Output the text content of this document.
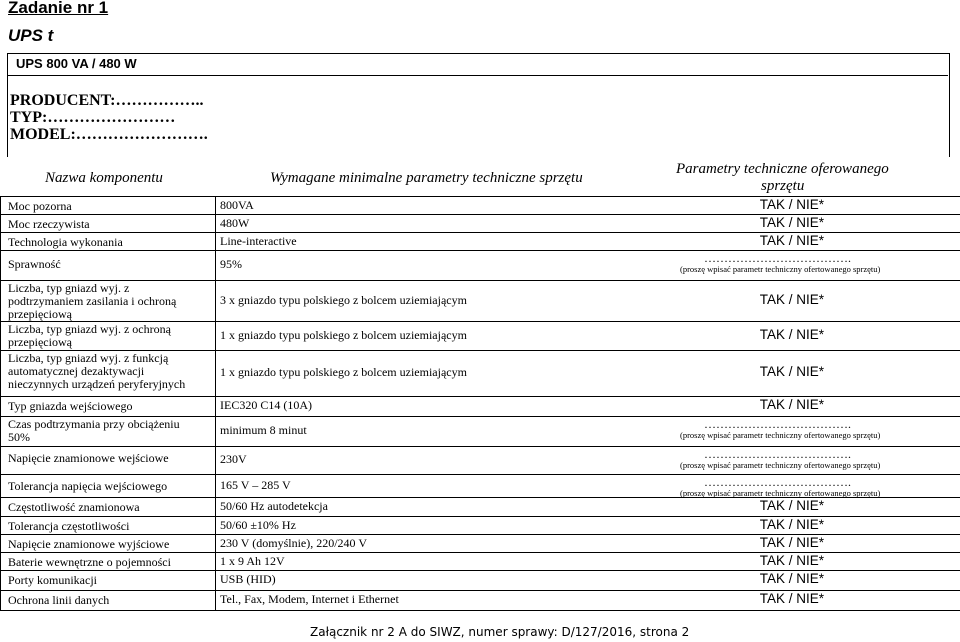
Zadanie nr 1
UPS t
UPS 800 VA / 480 W
PRODUCENT:……………..
TYP:……………………
MODEL:…………………….
Nazwa komponentu	Wymagane minimalne parametry techniczne sprzętu
Parametry techniczne oferowanego
sprzętu
Moc pozorna	800VA	TAK / NIE*
Moc rzeczywista	480W	TAK / NIE*
Technologia wykonania	Line-interactive	TAK / NIE*
Sprawność	95%	……………………………….
(proszę wpisać parametr techniczny ofertowanego sprzętu)
Liczba, typ gniazd wyj. z
podtrzymaniem zasilania i ochroną
przepięciową
3 x gniazdo typu polskiego z bolcem uziemiającym	TAK / NIE*
Liczba, typ gniazd wyj. z ochroną
przepięciową	1 x gniazdo typu polskiego z bolcem uziemiającym	TAK / NIE*
Liczba, typ gniazd wyj. z funkcją
automatycznej dezaktywacji
nieczynnych urządzeń peryferyjnych
1 x gniazdo typu polskiego z bolcem uziemiającym	TAK / NIE*
Typ gniazda wejściowego	IEC320 C14 (10A)	TAK / NIE*
Czas podtrzymania przy obciążeniu
50%	minimum 8 minut	……………………………….
(proszę wpisać parametr techniczny ofertowanego sprzętu)
Napięcie znamionowe wejściowe	230V	……………………………….
(proszę wpisać parametr techniczny ofertowanego sprzętu)
Tolerancja napięcia wejściowego	165 V – 285 V	……………………………….
(proszę wpisać parametr techniczny ofertowanego sprzętu)
Częstotliwość znamionowa	50/60 Hz autodetekcja	TAK / NIE*
Tolerancja częstotliwości	50/60 ±10% Hz	TAK / NIE*
Napięcie znamionowe wyjściowe	230 V (domyślnie), 220/240 V	TAK / NIE*
Baterie wewnętrzne o pojemności	1 x 9 Ah 12V	TAK / NIE*
Porty komunikacji	USB (HID)	TAK / NIE*
Ochrona linii danych	Tel., Fax, Modem, Internet i Ethernet	TAK / NIE*
Załącznik nr 2 A do SIWZ, numer sprawy: D/127/2016, strona 2
